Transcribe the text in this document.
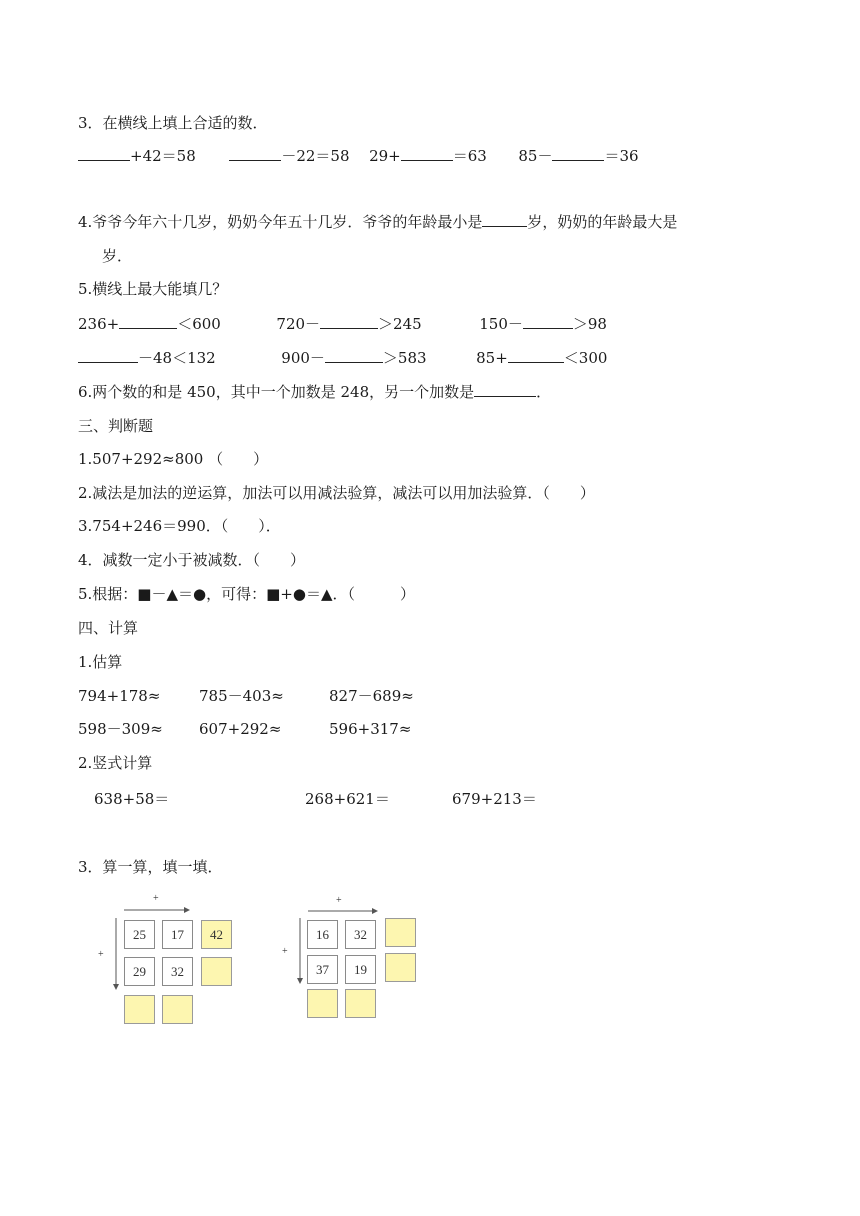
3．在横线上填上合适的数．
+42＝58	－22＝58 29+	＝63 85－	＝36
4.爷爷今年六十几岁，奶奶今年五十几岁．爷爷的年龄最小是	岁，奶奶的年龄最大是
岁．
5.横线上最大能填几？
236+	＜600	720－	＞245	150－	＞98
－48＜132	900－	＞583	85+	＜300
6.两个数的和是 450，其中一个加数是 248，另一个加数是	．
三、判断题
1.507+292≈800 （　　）
2.减法是加法的逆运算，加法可以用减法验算，减法可以用加法验算．（　　）
3.754+246＝990．（　　）．
4．减数一定小于被减数．（　　）
5.根据：■－▲＝●，可得：■+●＝▲．（　　　）
四、计算
1.估算
794+178≈	785－403≈	827－689≈
598－309≈ 607+292≈	596+317≈
2.竖式计算
638+58＝	268+621＝	679+213＝
3．算一算，填一填．
+
+
25	17	42
29	32
+
+
16	32
37	19
